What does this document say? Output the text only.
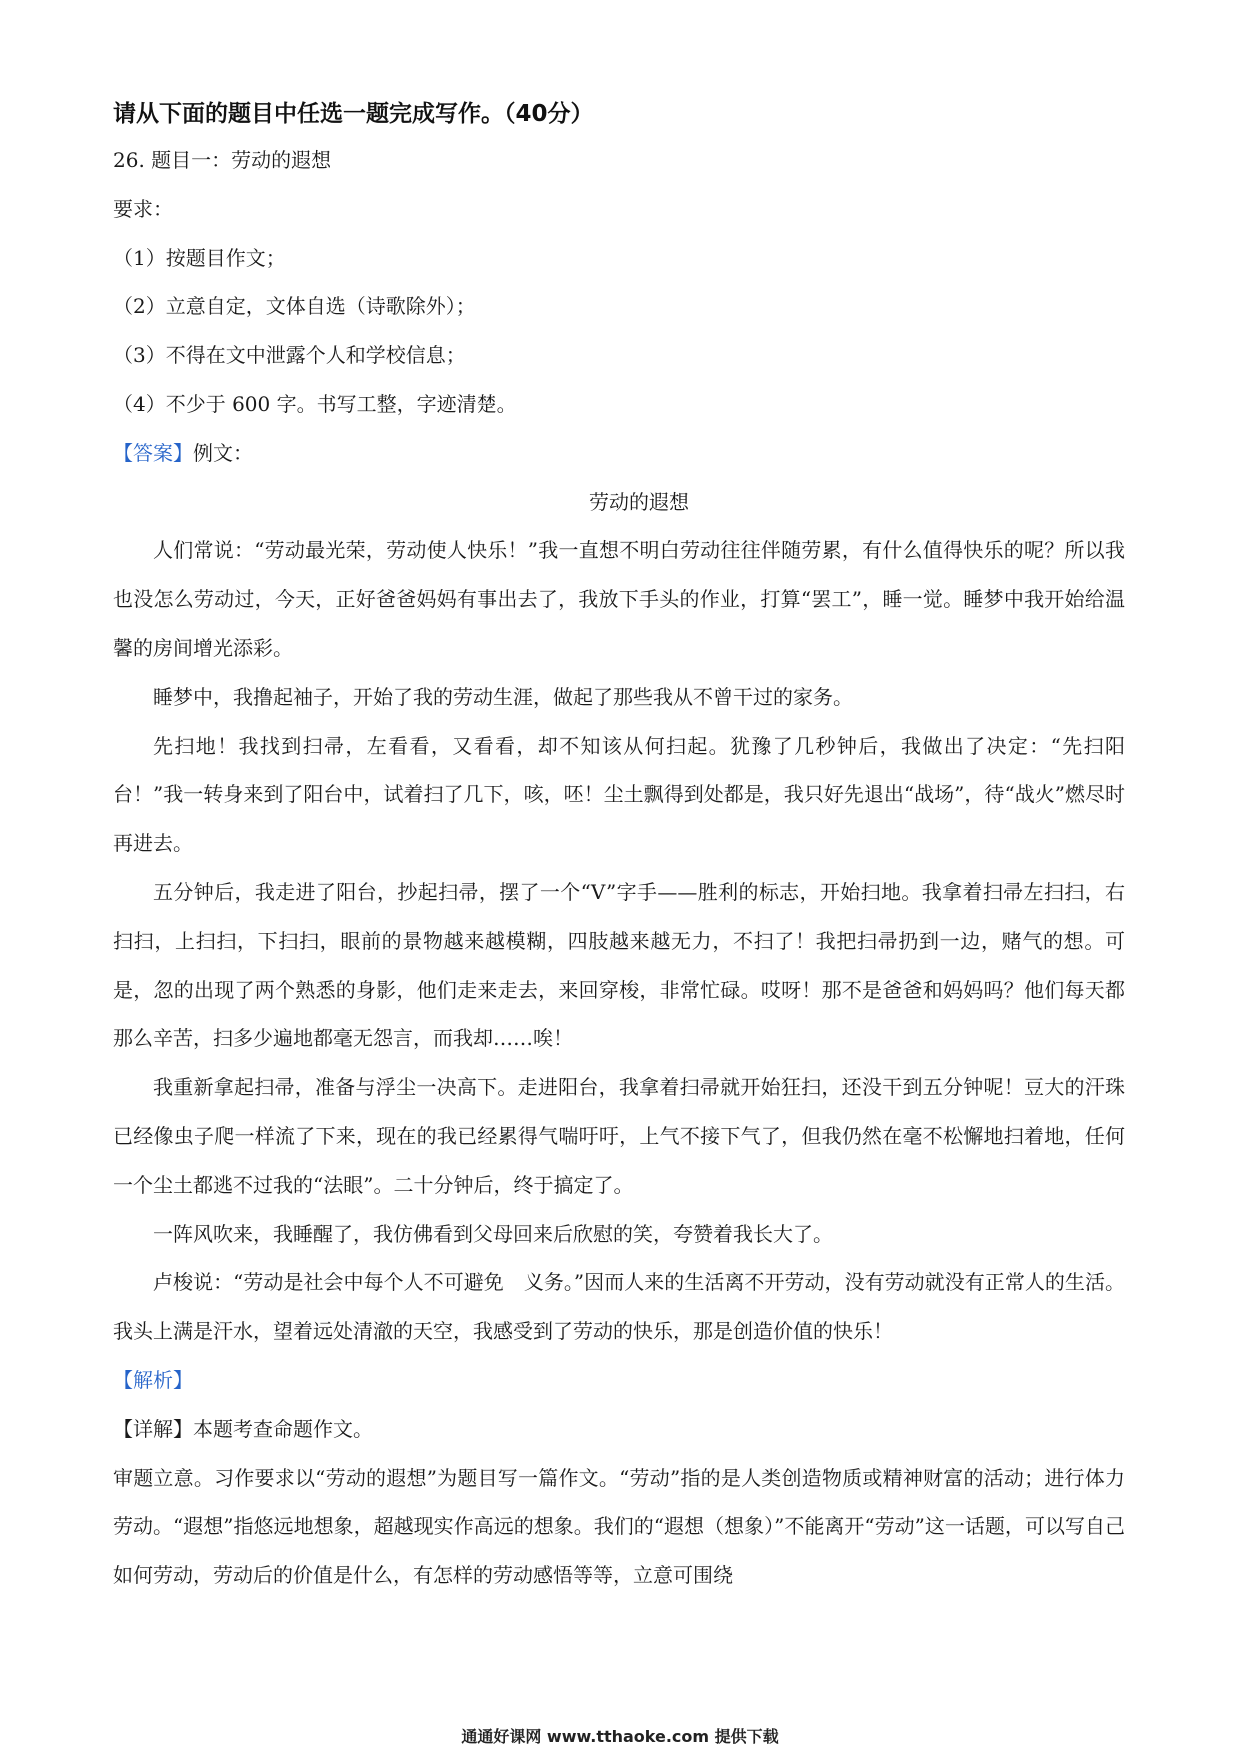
请从下面的题目中任选一题完成写作。（40分）
26. 题目一：劳动的遐想
要求：
（1）按题目作文；
（2）立意自定，文体自选（诗歌除外）；
（3）不得在文中泄露个人和学校信息；
（4）不少于 600 字。书写工整，字迹清楚。
【答案】例文：
劳动的遐想

人们常说：“劳动最光荣，劳动使人快乐！”我一直想不明白劳动往往伴随劳累，有什么值得快乐的呢？所以我也没怎么劳动过，今天，正好爸爸妈妈有事出去了，我放下手头的作业，打算“罢工”，睡一觉。睡梦中我开始给温馨的房间增光添彩。

睡梦中，我撸起袖子，开始了我的劳动生涯，做起了那些我从不曾干过的家务。

先扫地！我找到扫帚，左看看，又看看，却不知该从何扫起。犹豫了几秒钟后，我做出了决定：“先扫阳台！”我一转身来到了阳台中，试着扫了几下，咳，呸！尘土飘得到处都是，我只好先退出“战场”，待“战火”燃尽时再进去。

五分钟后，我走进了阳台，抄起扫帚，摆了一个“V”字手——胜利的标志，开始扫地。我拿着扫帚左扫扫，右扫扫，上扫扫，下扫扫，眼前的景物越来越模糊，四肢越来越无力，不扫了！我把扫帚扔到一边，赌气的想。可是，忽的出现了两个熟悉的身影，他们走来走去，来回穿梭，非常忙碌。哎呀！那不是爸爸和妈妈吗？他们每天都那么辛苦，扫多少遍地都毫无怨言，而我却……唉！

我重新拿起扫帚，准备与浮尘一决高下。走进阳台，我拿着扫帚就开始狂扫，还没干到五分钟呢！豆大的汗珠已经像虫子爬一样流了下来，现在的我已经累得气喘吁吁，上气不接下气了，但我仍然在毫不松懈地扫着地，任何一个尘土都逃不过我的“法眼”。二十分钟后，终于搞定了。

一阵风吹来，我睡醒了，我仿佛看到父母回来后欣慰的笑，夸赞着我长大了。

卢梭说：“劳动是社会中每个人不可避免　义务。”因而人来的生活离不开劳动，没有劳动就没有正常人的生活。我头上满是汗水，望着远处清澈的天空，我感受到了劳动的快乐，那是创造价值的快乐！

【解析】
【详解】本题考查命题作文。

审题立意。习作要求以“劳动的遐想”为题目写一篇作文。“劳动”指的是人类创造物质或精神财富的活动；进行体力劳动。“遐想”指悠远地想象，超越现实作高远的想象。我们的“遐想（想象）”不能离开“劳动”这一话题，可以写自己如何劳动，劳动后的价值是什么，有怎样的劳动感悟等等，立意可围绕

通通好课网 www.tthaoke.com 提供下载
